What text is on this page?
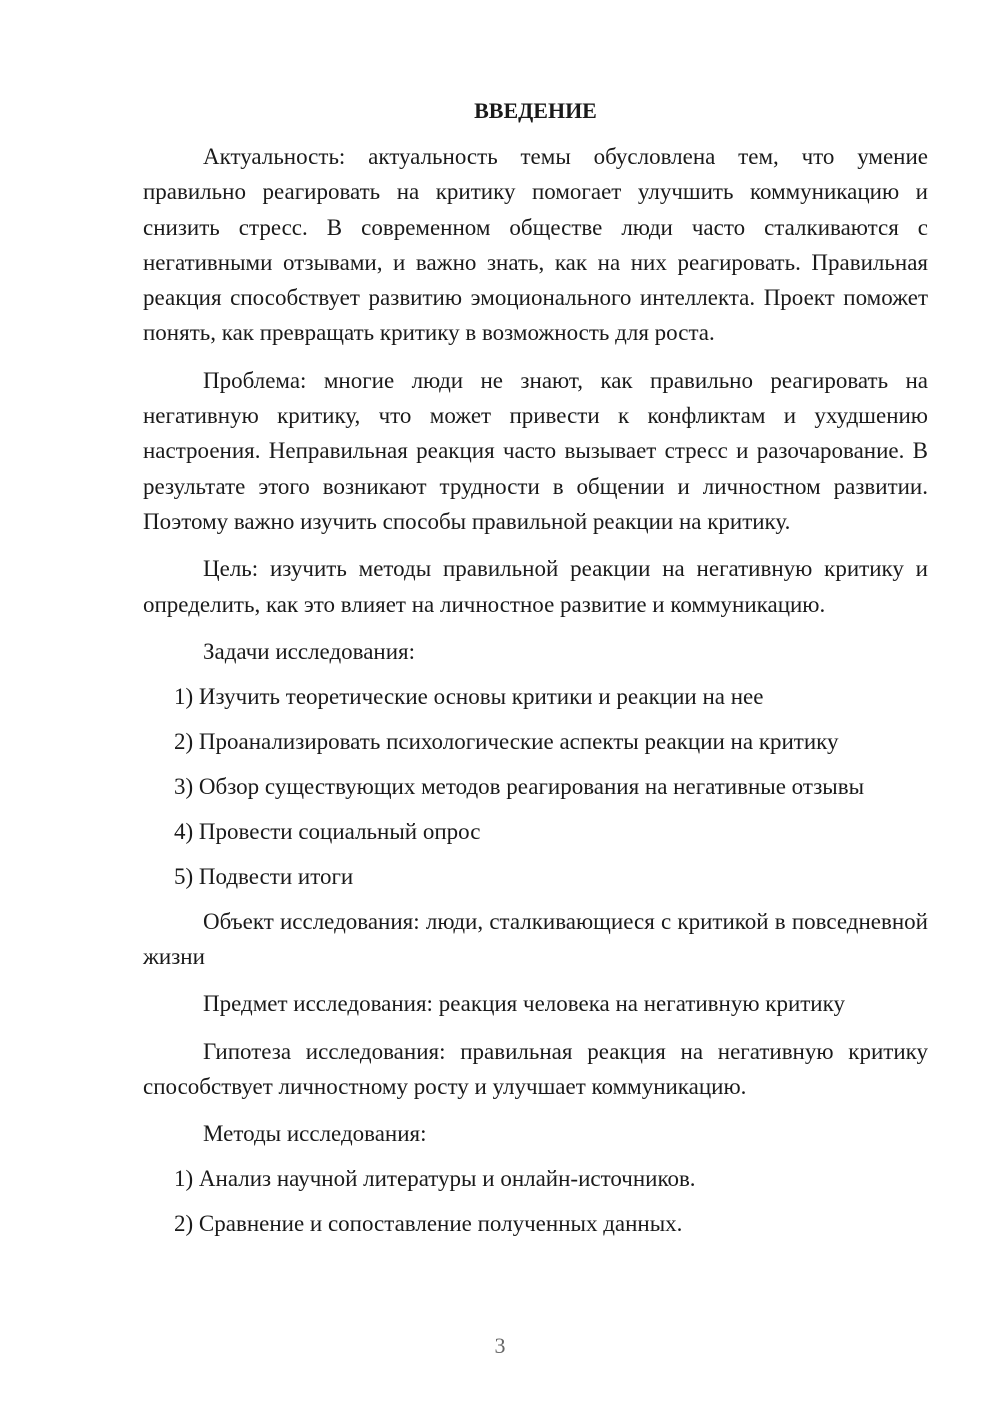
ВВЕДЕНИЕ

Актуальность: актуальность темы обусловлена тем, что умение правильно реагировать на критику помогает улучшить коммуникацию и снизить стресс. В современном обществе люди часто сталкиваются с негативными отзывами, и важно знать, как на них реагировать. Правильная реакция способствует развитию эмоционального интеллекта. Проект поможет понять, как превращать критику в возможность для роста.

Проблема: многие люди не знают, как правильно реагировать на негативную критику, что может привести к конфликтам и ухудшению настроения. Неправильная реакция часто вызывает стресс и разочарование. В результате этого возникают трудности в общении и личностном развитии. Поэтому важно изучить способы правильной реакции на критику.

Цель: изучить методы правильной реакции на негативную критику и определить, как это влияет на личностное развитие и коммуникацию.

Задачи исследования:

1) Изучить теоретические основы критики и реакции на нее

2) Проанализировать психологические аспекты реакции на критику

3) Обзор существующих методов реагирования на негативные отзывы

4) Провести социальный опрос

5) Подвести итоги

Объект исследования: люди, сталкивающиеся с критикой в повседневной жизни

Предмет исследования: реакция человека на негативную критику

Гипотеза исследования: правильная реакция на негативную критику способствует личностному росту и улучшает коммуникацию.

Методы исследования:

1) Анализ научной литературы и онлайн-источников.

2) Сравнение и сопоставление полученных данных.

3
